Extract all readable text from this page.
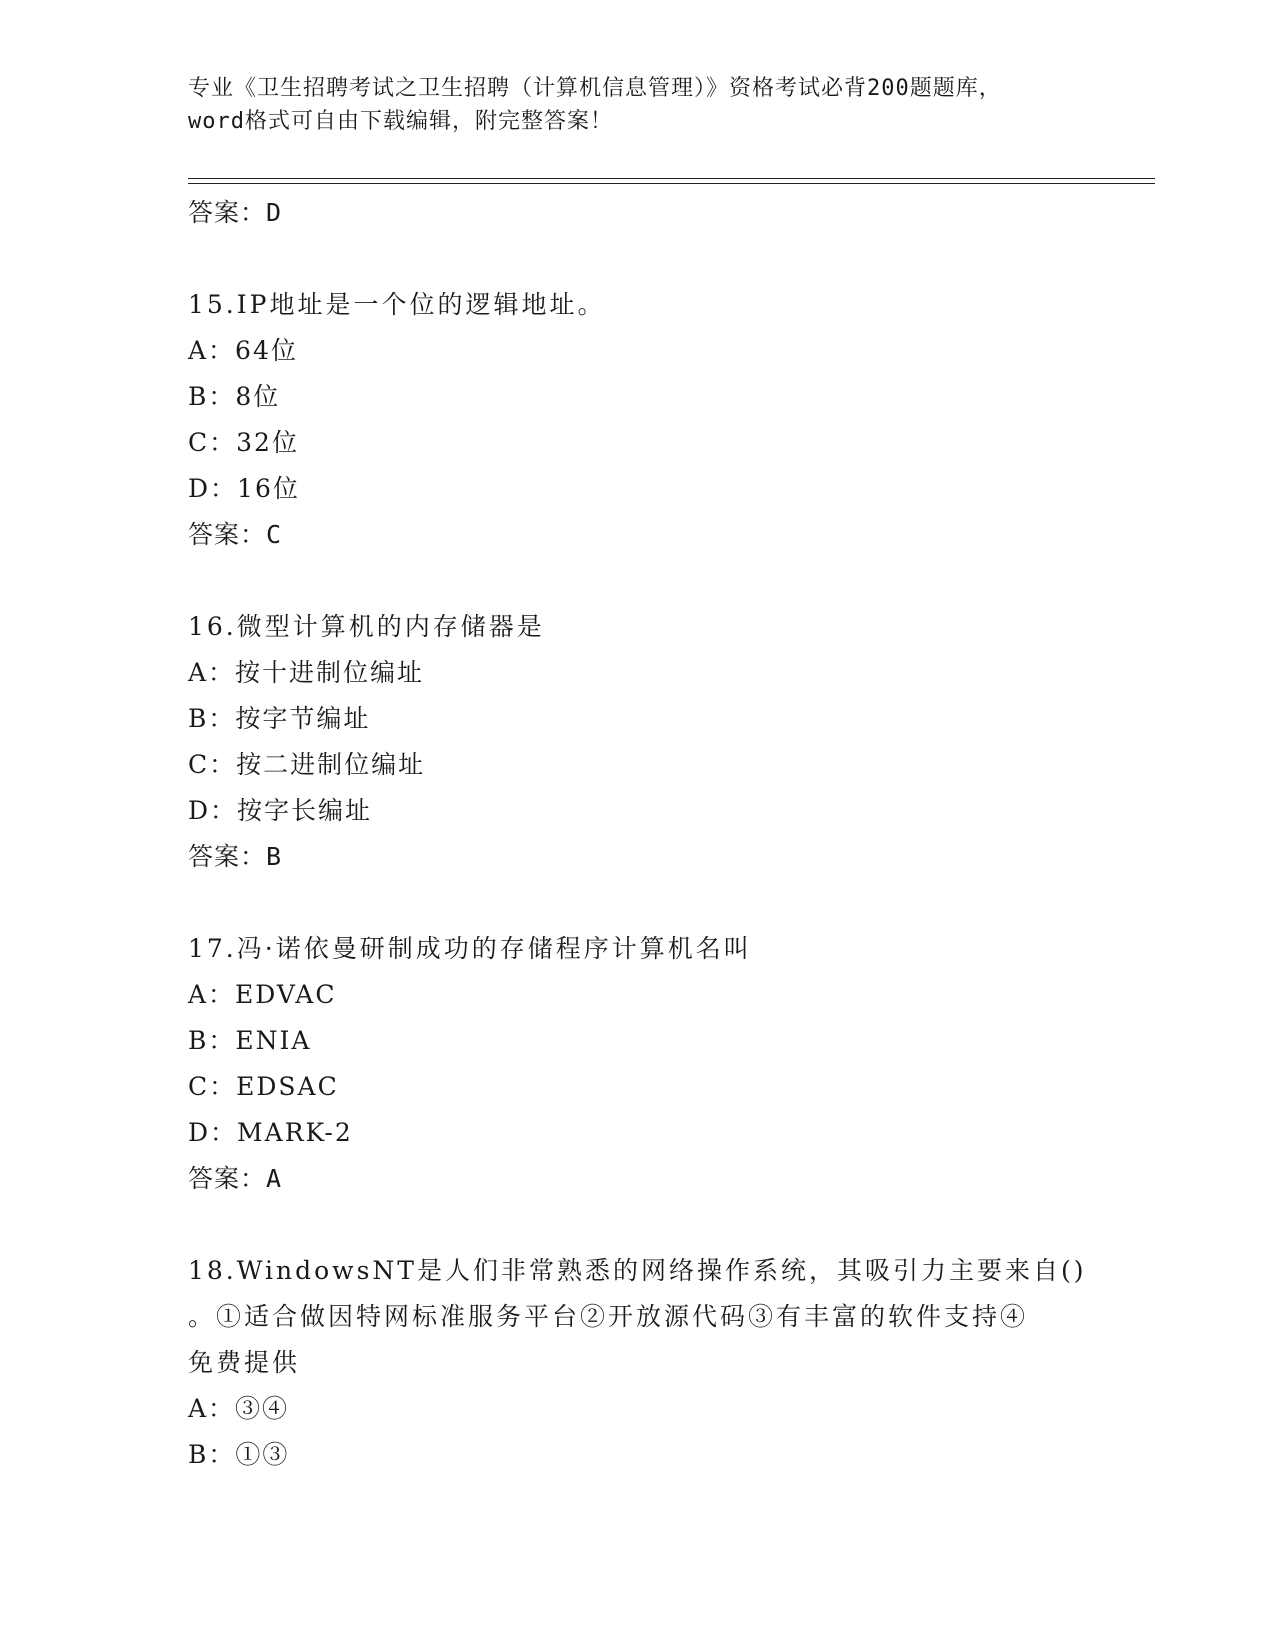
专业《卫生招聘考试之卫生招聘（计算机信息管理）》资格考试必背200题题库，
word格式可自由下载编辑，附完整答案！
答案：D
15.IP地址是一个位的逻辑地址。
A：64位
B：8位
C：32位
D：16位
答案：C
16.微型计算机的内存储器是
A：按十进制位编址
B：按字节编址
C：按二进制位编址
D：按字长编址
答案：B
17.冯·诺依曼研制成功的存储程序计算机名叫
A：EDVAC
B：ENIA
C：EDSAC
D：MARK-2
答案：A
18.WindowsNT是人们非常熟悉的网络操作系统，其吸引力主要来自()
。①适合做因特网标准服务平台②开放源代码③有丰富的软件支持④
免费提供
A：③④
B：①③
